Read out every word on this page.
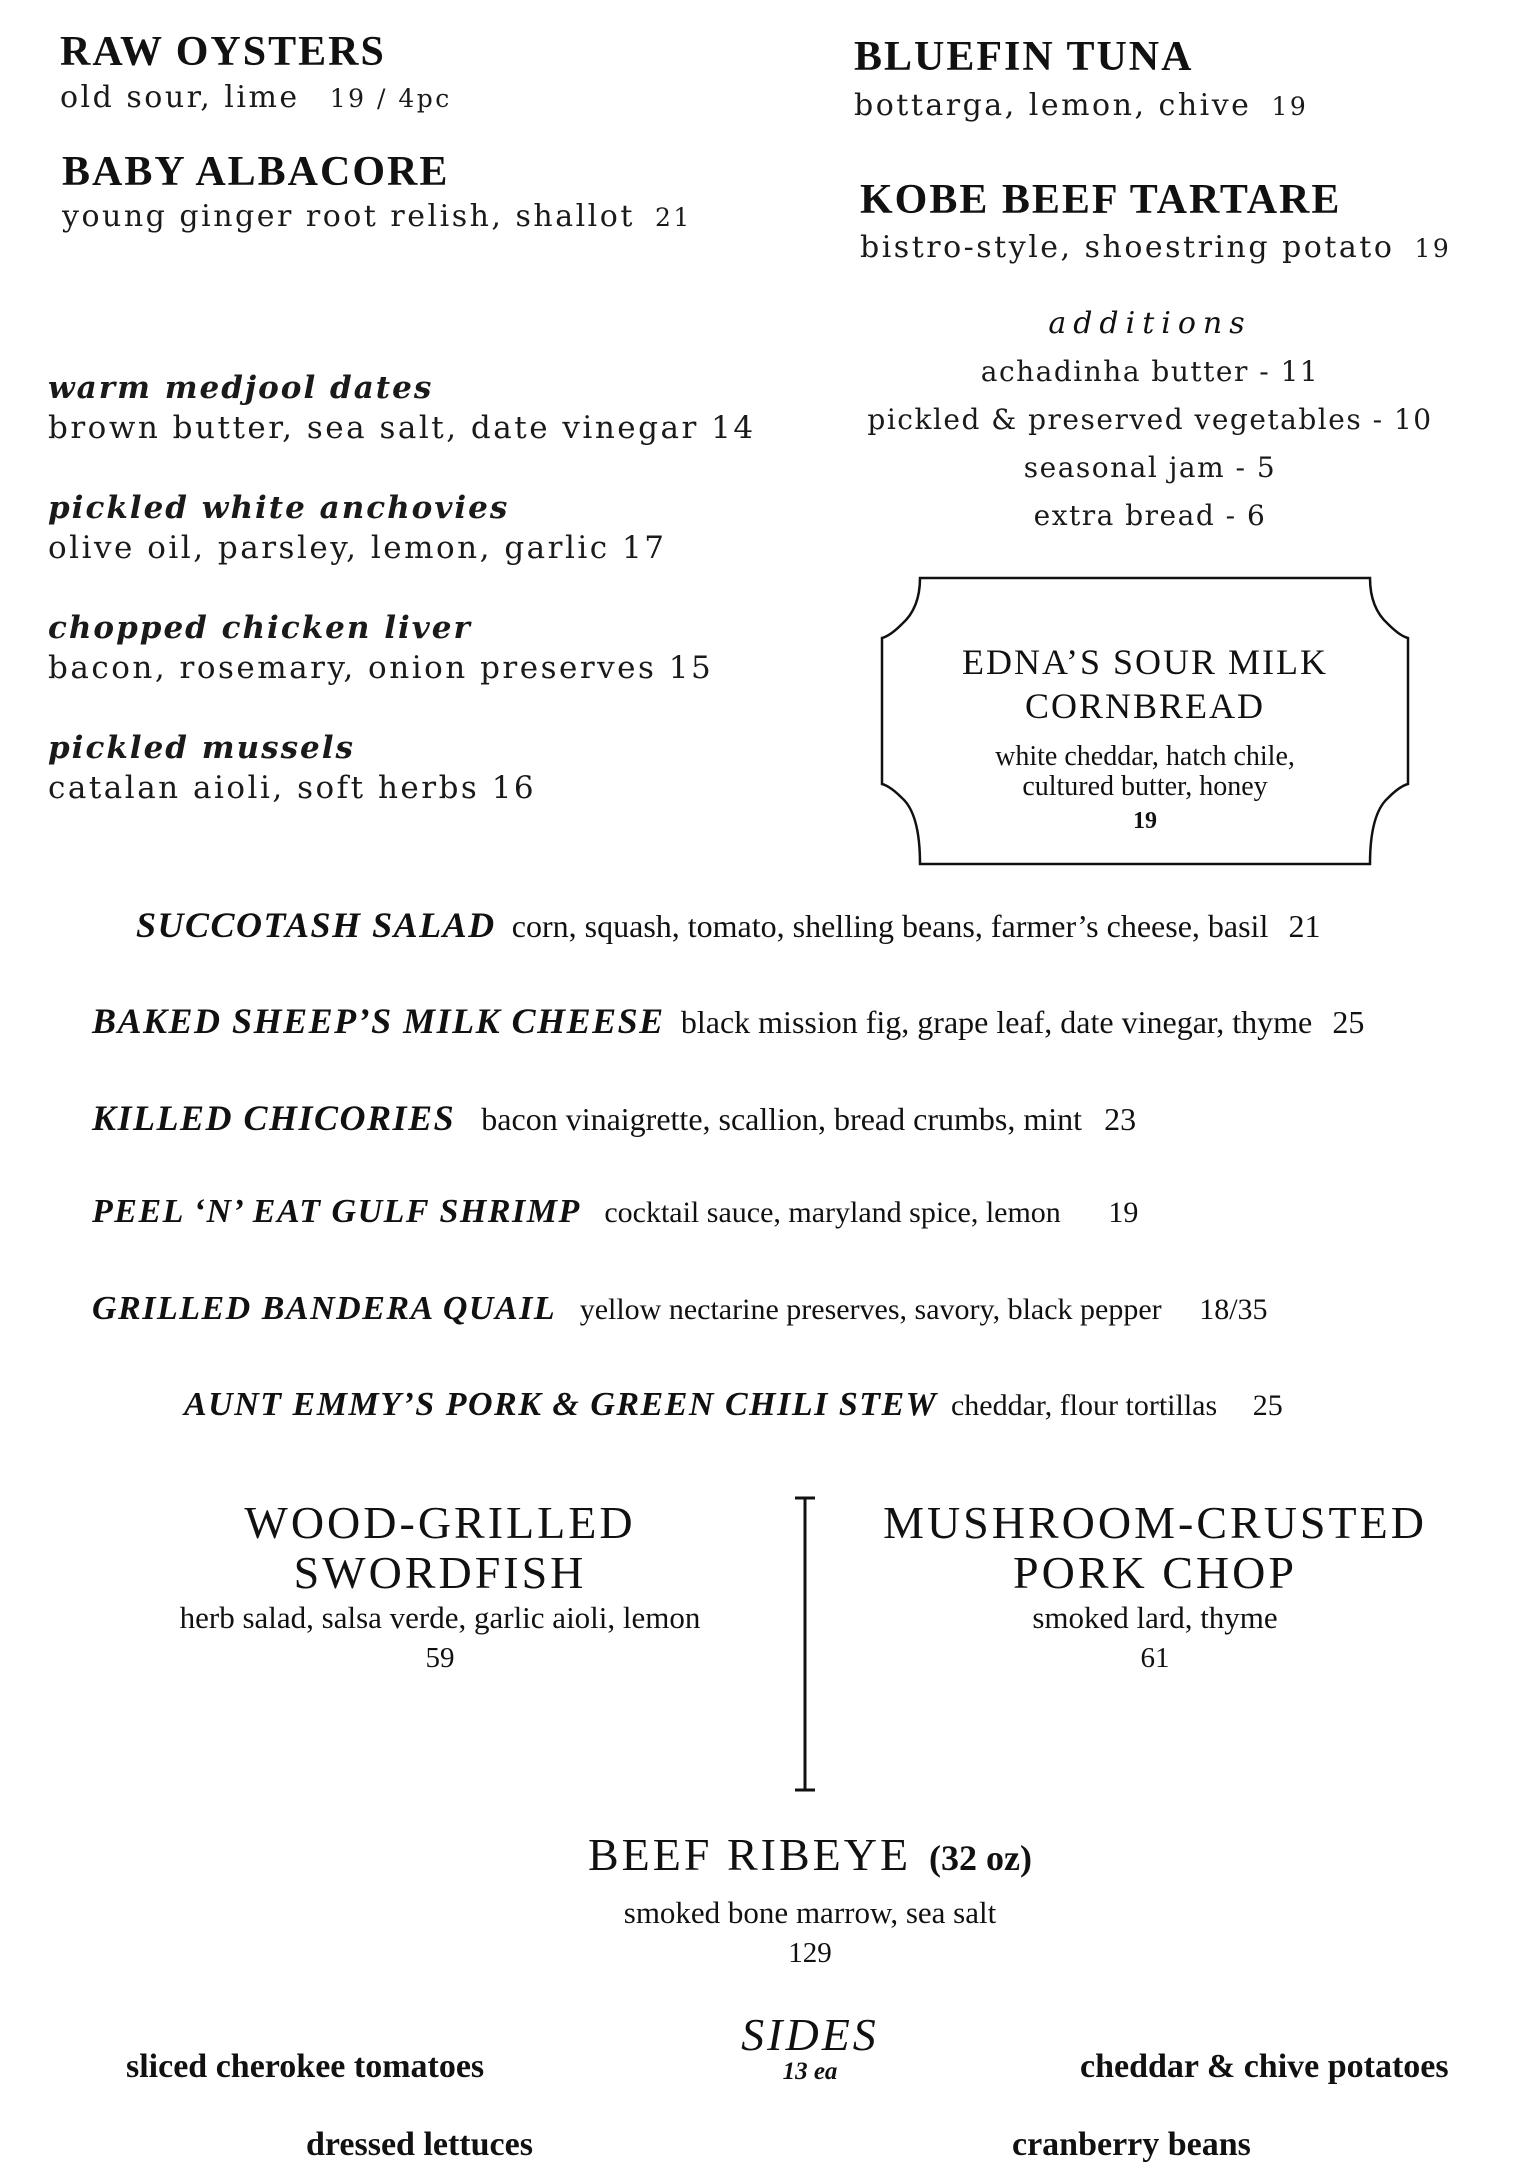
RAW OYSTERS
old sour, lime 19 / 4pc
BABY ALBACORE
young ginger root relish, shallot 21
BLUEFIN TUNA
bottarga, lemon, chive 19
KOBE BEEF TARTARE
bistro-style, shoestring potato 19
warm medjool dates
brown butter, sea salt, date vinegar 14
pickled white anchovies
olive oil, parsley, lemon, garlic 17
chopped chicken liver
bacon, rosemary, onion preserves 15
pickled mussels
catalan aioli, soft herbs 16
additions
achadinha butter - 11
pickled & preserved vegetables - 10
seasonal jam - 5
extra bread - 6
EDNA’S SOUR MILK
CORNBREAD
white cheddar, hatch chile,
cultured butter, honey
19
SUCCOTASH SALAD corn, squash, tomato, shelling beans, farmer’s cheese, basil 21
BAKED SHEEP’S MILK CHEESE black mission fig, grape leaf, date vinegar, thyme 25
KILLED CHICORIES bacon vinaigrette, scallion, bread crumbs, mint 23
PEEL ‘N’ EAT GULF SHRIMP cocktail sauce, maryland spice, lemon 19
GRILLED BANDERA QUAIL yellow nectarine preserves, savory, black pepper 18/35
AUNT EMMY’S PORK & GREEN CHILI STEW cheddar, flour tortillas 25
WOOD-GRILLED
SWORDFISH
herb salad, salsa verde, garlic aioli, lemon
59
MUSHROOM-CRUSTED
PORK CHOP
smoked lard, thyme
61
BEEF RIBEYE (32 oz)
smoked bone marrow, sea salt
129
SIDES
13 ea
sliced cherokee tomatoes	cheddar & chive potatoes
dressed lettuces	cranberry beans
